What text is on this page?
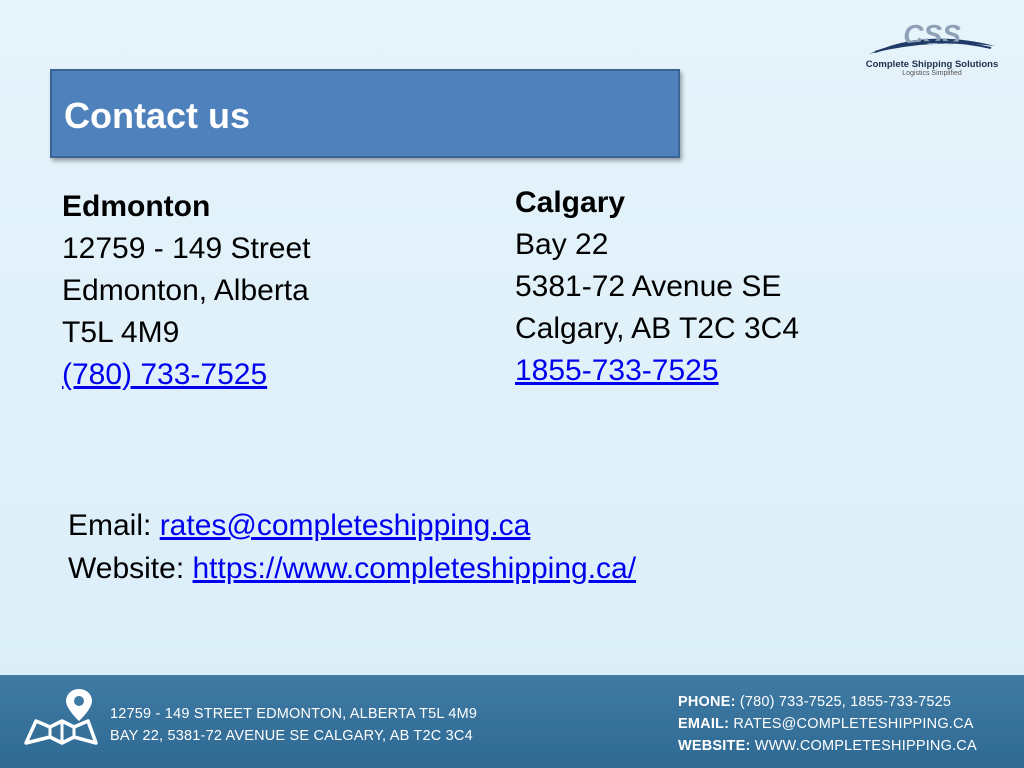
CSS
Complete Shipping Solutions
Logistics Simplified
Contact us
Edmonton
12759 - 149 Street
Edmonton, Alberta
T5L 4M9
(780) 733-7525
Calgary
Bay 22
5381-72 Avenue SE
Calgary, AB T2C 3C4
1855-733-7525
Email: rates@completeshipping.ca
Website: https://www.completeshipping.ca/
12759 - 149 STREET EDMONTON, ALBERTA T5L 4M9
BAY 22, 5381-72 AVENUE SE CALGARY, AB T2C 3C4
PHONE: (780) 733-7525, 1855-733-7525
EMAIL: RATES@COMPLETESHIPPING.CA
WEBSITE: WWW.COMPLETESHIPPING.CA
